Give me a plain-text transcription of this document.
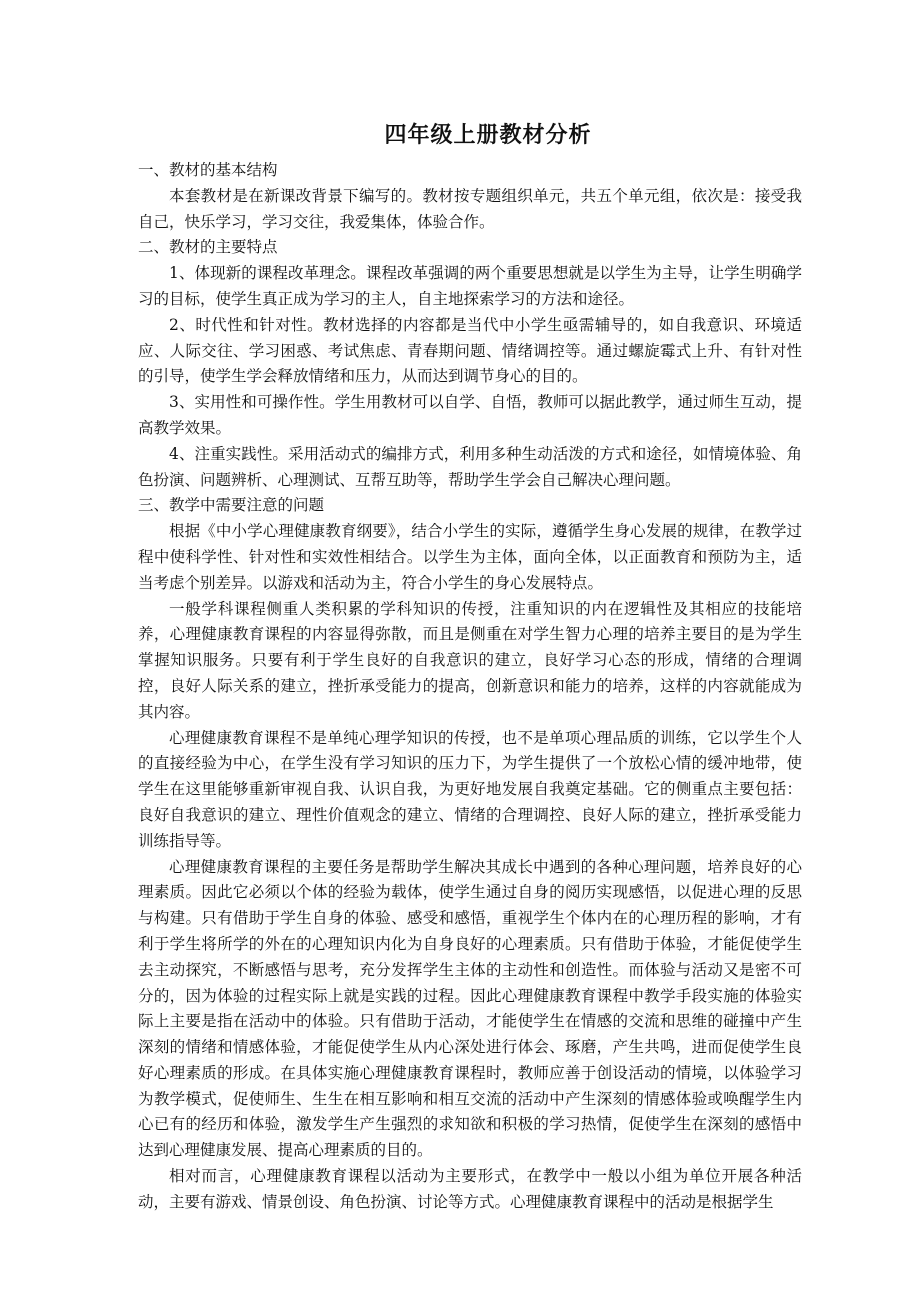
四年级上册教材分析
一、教材的基本结构

本套教材是在新课改背景下编写的。教材按专题组织单元，共五个单元组，依次是：接受我自己，快乐学习，学习交往，我爱集体，体验合作。

二、教材的主要特点

1、体现新的课程改革理念。课程改革强调的两个重要思想就是以学生为主导，让学生明确学习的目标，使学生真正成为学习的主人，自主地探索学习的方法和途径。

2、时代性和针对性。教材选择的内容都是当代中小学生亟需辅导的，如自我意识、环境适应、人际交往、学习困惑、考试焦虑、青春期问题、情绪调控等。通过螺旋霉式上升、有针对性的引导，使学生学会释放情绪和压力，从而达到调节身心的目的。

3、实用性和可操作性。学生用教材可以自学、自悟，教师可以据此教学，通过师生互动，提高教学效果。

4、注重实践性。采用活动式的编排方式，利用多种生动活泼的方式和途径，如情境体验、角色扮演、问题辨析、心理测试、互帮互助等，帮助学生学会自己解决心理问题。

三、教学中需要注意的问题

根据《中小学心理健康教育纲要》，结合小学生的实际，遵循学生身心发展的规律，在教学过程中使科学性、针对性和实效性相结合。以学生为主体，面向全体，以正面教育和预防为主，适当考虑个别差异。以游戏和活动为主，符合小学生的身心发展特点。

一般学科课程侧重人类积累的学科知识的传授，注重知识的内在逻辑性及其相应的技能培养，心理健康教育课程的内容显得弥散，而且是侧重在对学生智力心理的培养主要目的是为学生掌握知识服务。只要有利于学生良好的自我意识的建立，良好学习心态的形成，情绪的合理调控，良好人际关系的建立，挫折承受能力的提高，创新意识和能力的培养，这样的内容就能成为其内容。

心理健康教育课程不是单纯心理学知识的传授，也不是单项心理品质的训练，它以学生个人的直接经验为中心，在学生没有学习知识的压力下，为学生提供了一个放松心情的缓冲地带，使学生在这里能够重新审视自我、认识自我，为更好地发展自我奠定基础。它的侧重点主要包括：良好自我意识的建立、理性价值观念的建立、情绪的合理调控、良好人际的建立，挫折承受能力训练指导等。

心理健康教育课程的主要任务是帮助学生解决其成长中遇到的各种心理问题，培养良好的心理素质。因此它必须以个体的经验为载体，使学生通过自身的阅历实现感悟，以促进心理的反思与构建。只有借助于学生自身的体验、感受和感悟，重视学生个体内在的心理历程的影响，才有利于学生将所学的外在的心理知识内化为自身良好的心理素质。只有借助于体验，才能促使学生去主动探究，不断感悟与思考，充分发挥学生主体的主动性和创造性。而体验与活动又是密不可分的，因为体验的过程实际上就是实践的过程。因此心理健康教育课程中教学手段实施的体验实际上主要是指在活动中的体验。只有借助于活动，才能使学生在情感的交流和思维的碰撞中产生深刻的情绪和情感体验，才能促使学生从内心深处进行体会、琢磨，产生共鸣，进而促使学生良好心理素质的形成。在具体实施心理健康教育课程时，教师应善于创设活动的情境，以体验学习为教学模式，促使师生、生生在相互影响和相互交流的活动中产生深刻的情感体验或唤醒学生内心已有的经历和体验，激发学生产生强烈的求知欲和积极的学习热情，促使学生在深刻的感悟中达到心理健康发展、提高心理素质的目的。

相对而言，心理健康教育课程以活动为主要形式，在教学中一般以小组为单位开展各种活动，主要有游戏、情景创设、角色扮演、讨论等方式。心理健康教育课程中的活动是根据学生
